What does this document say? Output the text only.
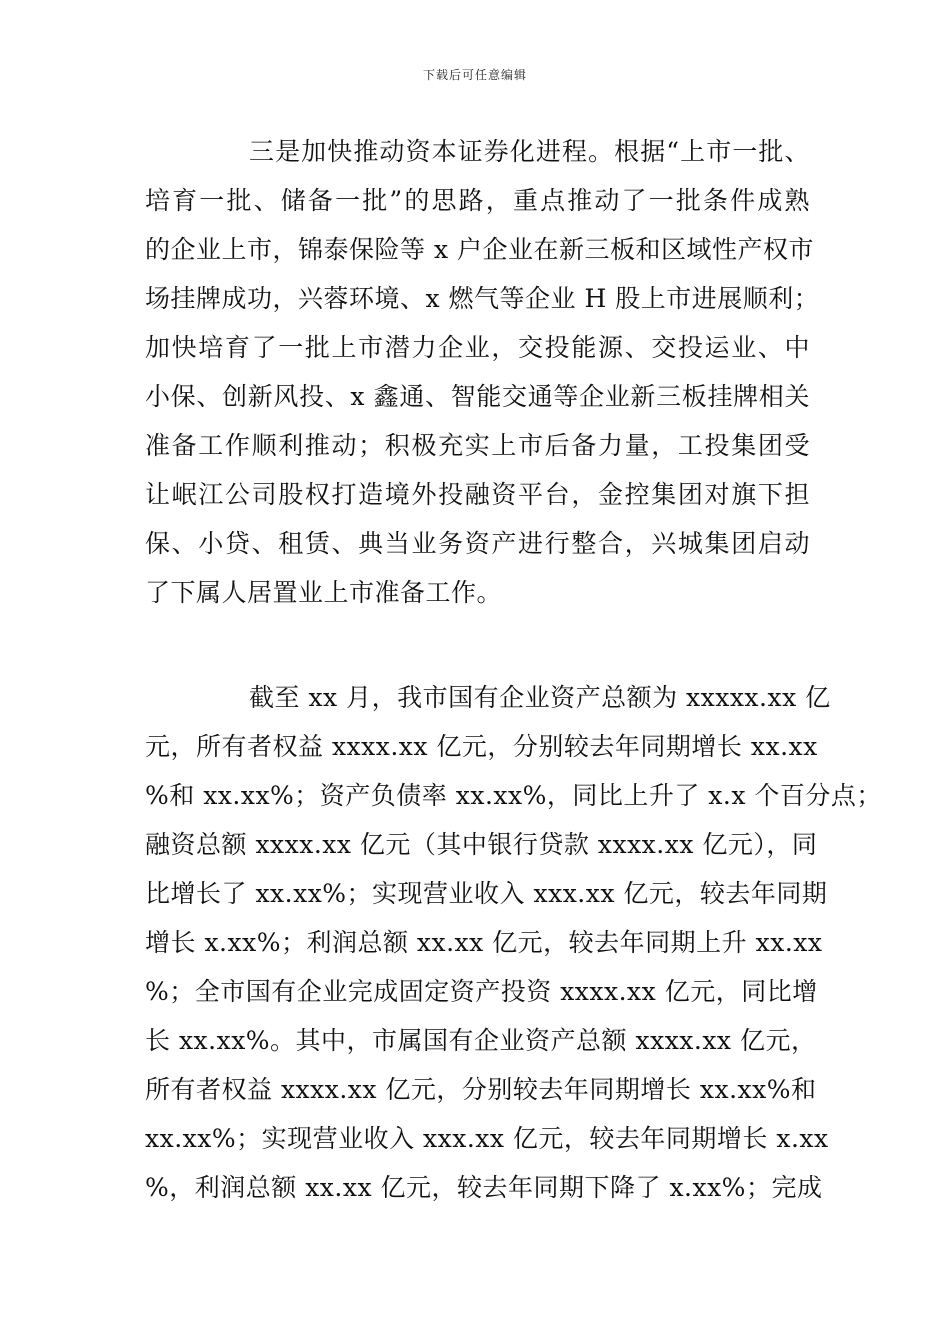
下载后可任意编辑
三是加快推动资本证券化进程。根据“上市一批、
培育一批、储备一批”的思路，重点推动了一批条件成熟
的企业上市，锦泰保险等 x 户企业在新三板和区域性产权市
场挂牌成功，兴蓉环境、x 燃气等企业 H 股上市进展顺利；
加快培育了一批上市潜力企业，交投能源、交投运业、中
小保、创新风投、x 鑫通、智能交通等企业新三板挂牌相关
准备工作顺利推动；积极充实上市后备力量，工投集团受
让岷江公司股权打造境外投融资平台，金控集团对旗下担
保、小贷、租赁、典当业务资产进行整合，兴城集团启动
了下属人居置业上市准备工作。
截至 xx 月，我市国有企业资产总额为 xxxxx.xx 亿
元，所有者权益 xxxx.xx 亿元，分别较去年同期增长 xx.xx
%和 xx.xx%；资产负债率 xx.xx%，同比上升了 x.x 个百分点；
融资总额 xxxx.xx 亿元（其中银行贷款 xxxx.xx 亿元），同
比增长了 xx.xx%；实现营业收入 xxx.xx 亿元，较去年同期
增长 x.xx%；利润总额 xx.xx 亿元，较去年同期上升 xx.xx
%；全市国有企业完成固定资产投资 xxxx.xx 亿元，同比增
长 xx.xx%。其中，市属国有企业资产总额 xxxx.xx 亿元，
所有者权益 xxxx.xx 亿元，分别较去年同期增长 xx.xx%和
xx.xx%；实现营业收入 xxx.xx 亿元，较去年同期增长 x.xx
%，利润总额 xx.xx 亿元，较去年同期下降了 x.xx%；完成
